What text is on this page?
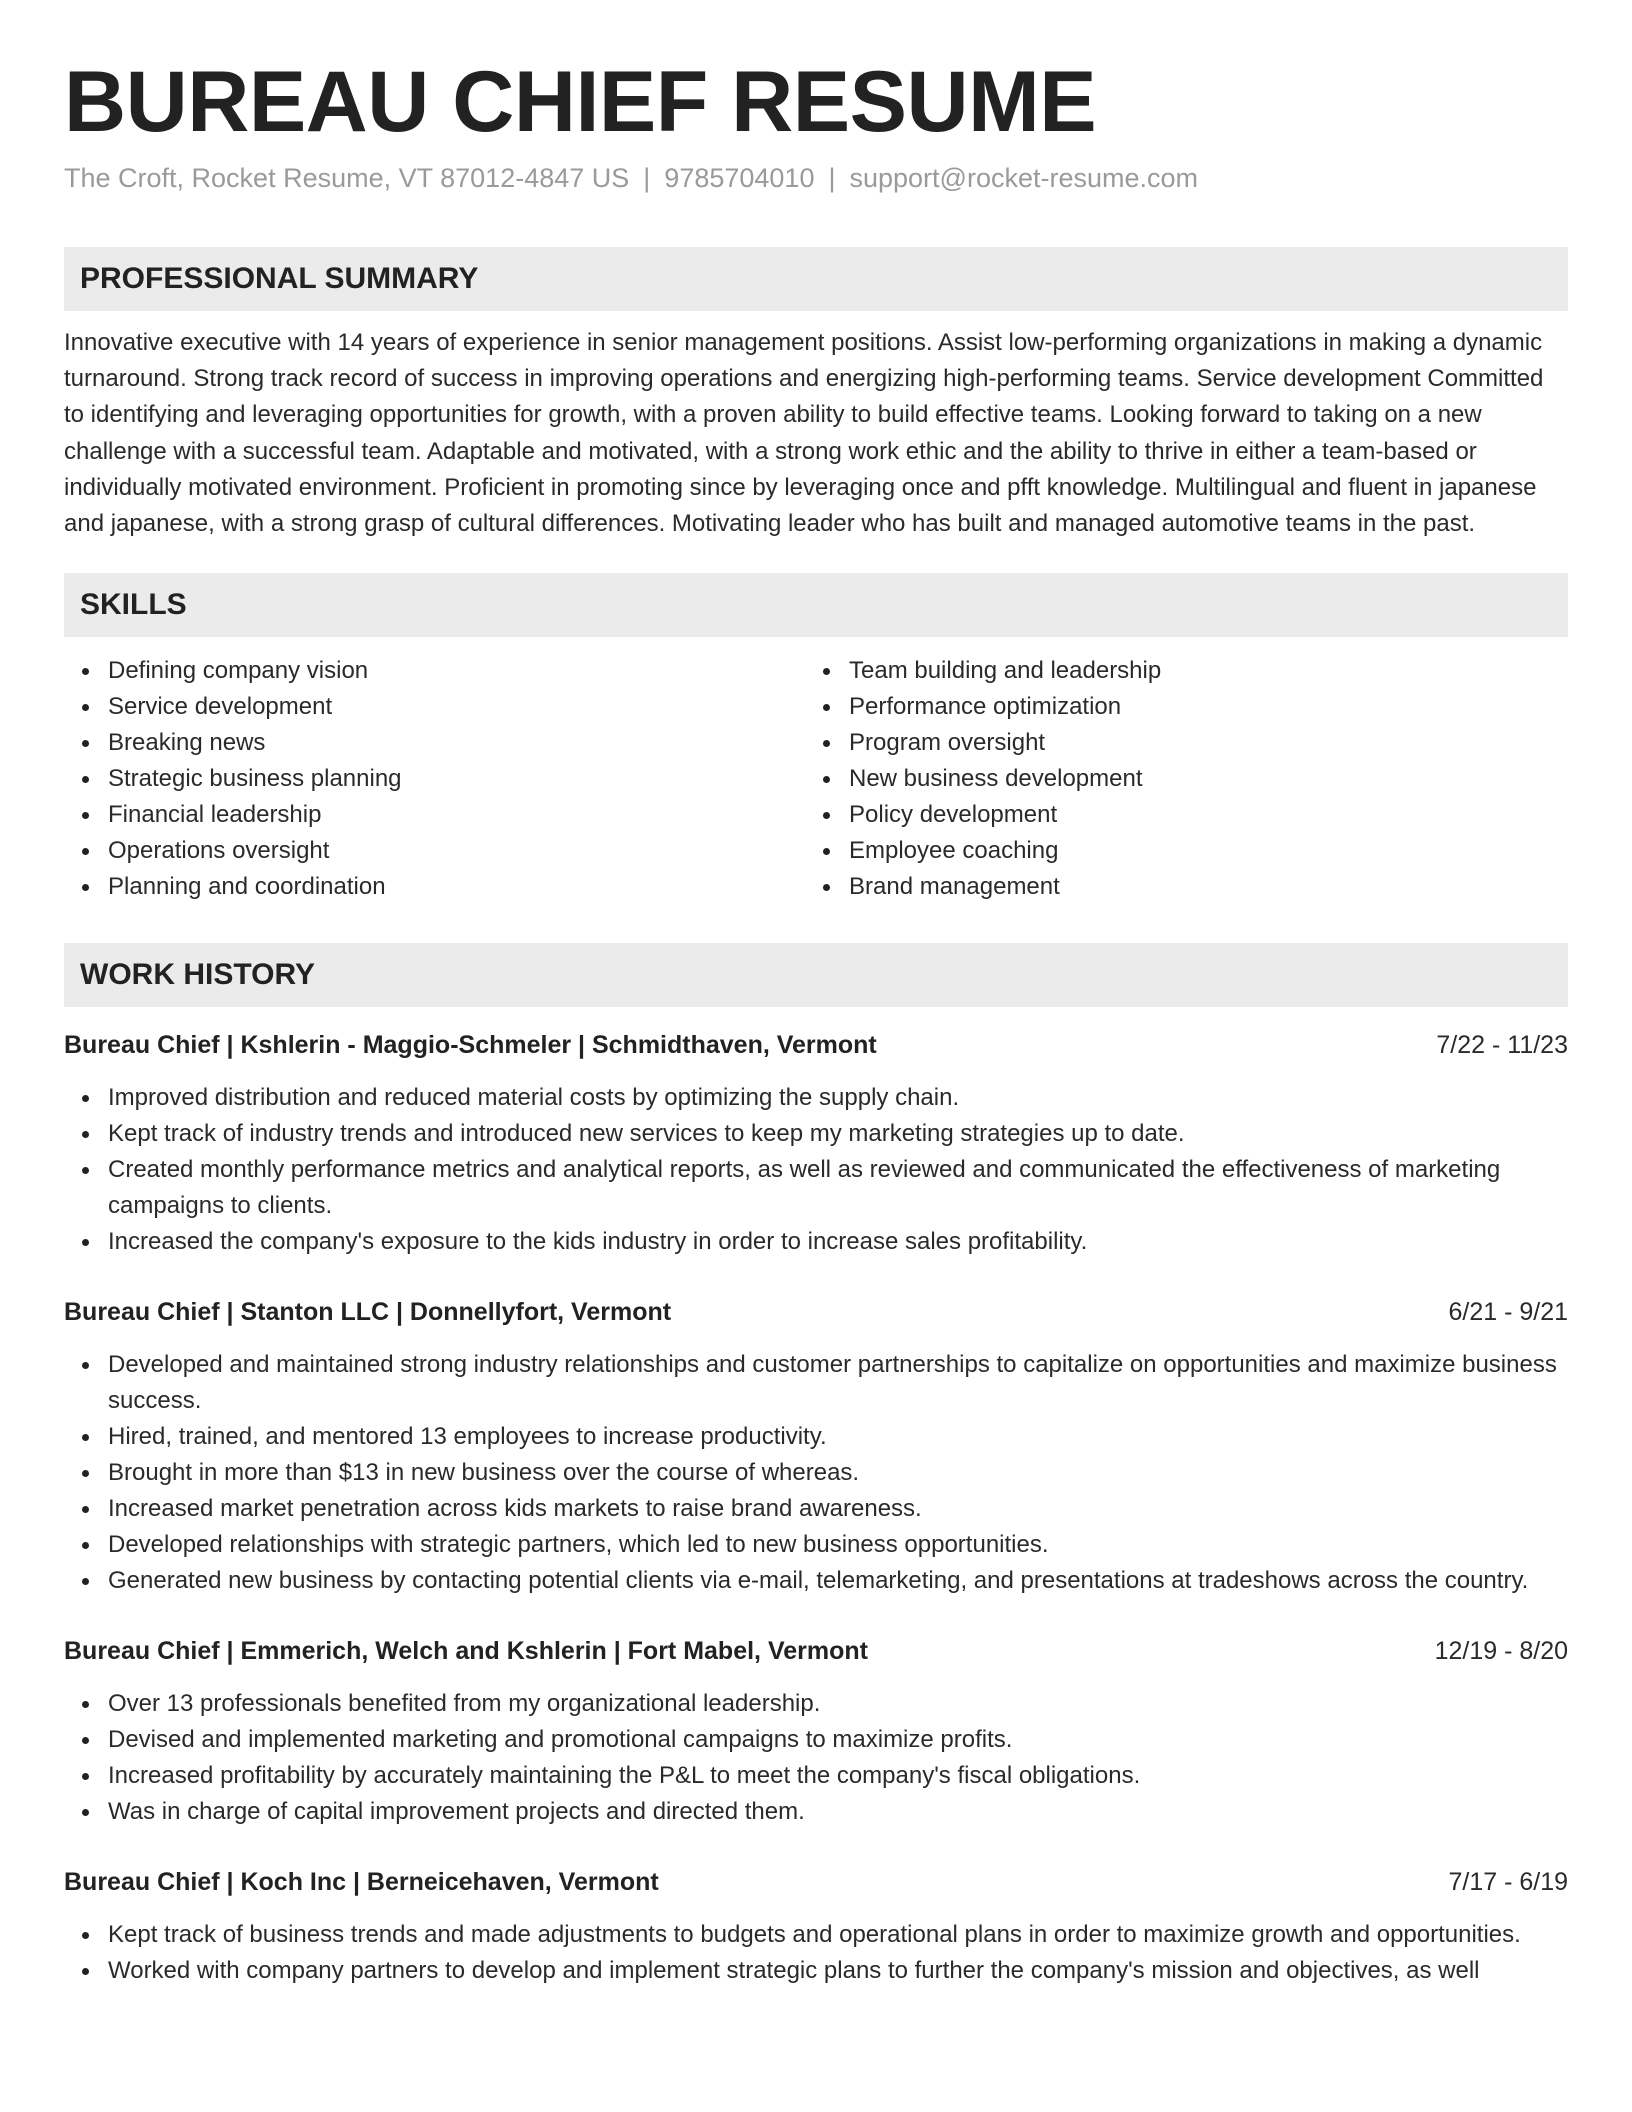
BUREAU CHIEF RESUME
The Croft, Rocket Resume, VT 87012-4847 US | 9785704010 | support@rocket-resume.com
PROFESSIONAL SUMMARY

Innovative executive with 14 years of experience in senior management positions. Assist low-performing organizations in making a dynamic turnaround. Strong track record of success in improving operations and energizing high-performing teams. Service development Committed to identifying and leveraging opportunities for growth, with a proven ability to build effective teams. Looking forward to taking on a new challenge with a successful team. Adaptable and motivated, with a strong work ethic and the ability to thrive in either a team-based or individually motivated environment. Proficient in promoting since by leveraging once and pfft knowledge. Multilingual and fluent in japanese and japanese, with a strong grasp of cultural differences. Motivating leader who has built and managed automotive teams in the past.

SKILLS
Defining company vision
Service development
Breaking news
Strategic business planning
Financial leadership
Operations oversight
Planning and coordination
Team building and leadership
Performance optimization
Program oversight
New business development
Policy development
Employee coaching
Brand management
WORK HISTORY
Bureau Chief | Kshlerin - Maggio-Schmeler | Schmidthaven, Vermont	7/22 - 11/23
Improved distribution and reduced material costs by optimizing the supply chain.
Kept track of industry trends and introduced new services to keep my marketing strategies up to date.
Created monthly performance metrics and analytical reports, as well as reviewed and communicated the effectiveness of marketing campaigns to clients.
Increased the company's exposure to the kids industry in order to increase sales profitability.
Bureau Chief | Stanton LLC | Donnellyfort, Vermont	6/21 - 9/21
Developed and maintained strong industry relationships and customer partnerships to capitalize on opportunities and maximize business success.
Hired, trained, and mentored 13 employees to increase productivity.
Brought in more than $13 in new business over the course of whereas.
Increased market penetration across kids markets to raise brand awareness.
Developed relationships with strategic partners, which led to new business opportunities.
Generated new business by contacting potential clients via e-mail, telemarketing, and presentations at tradeshows across the country.
Bureau Chief | Emmerich, Welch and Kshlerin | Fort Mabel, Vermont	12/19 - 8/20
Over 13 professionals benefited from my organizational leadership.
Devised and implemented marketing and promotional campaigns to maximize profits.
Increased profitability by accurately maintaining the P&L to meet the company's fiscal obligations.
Was in charge of capital improvement projects and directed them.
Bureau Chief | Koch Inc | Berneicehaven, Vermont	7/17 - 6/19
Kept track of business trends and made adjustments to budgets and operational plans in order to maximize growth and opportunities.
Worked with company partners to develop and implement strategic plans to further the company's mission and objectives, as well
